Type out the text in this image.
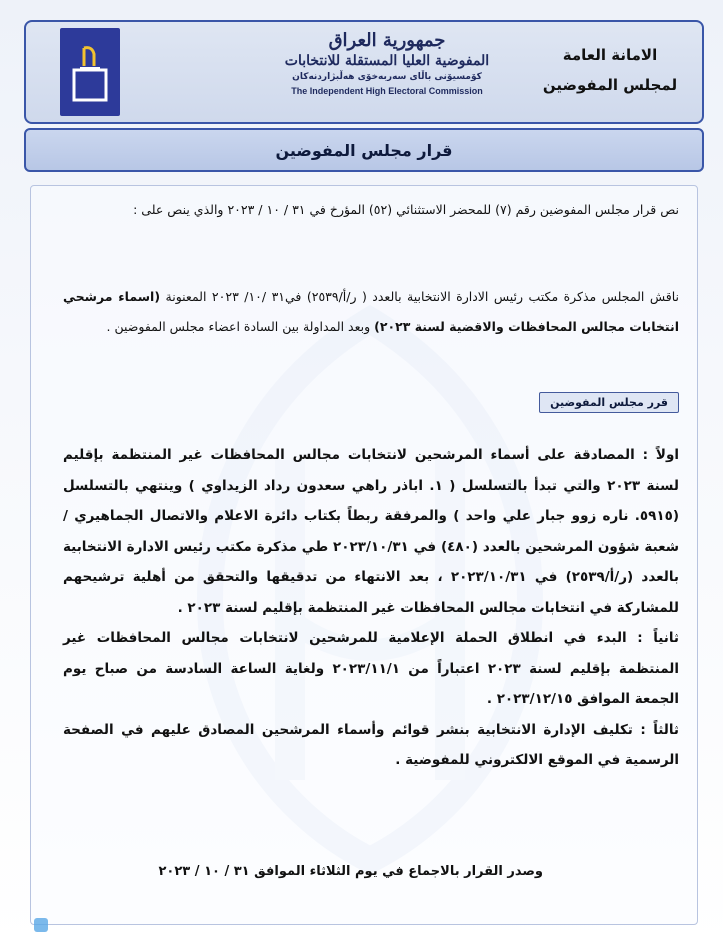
جمهورية العراق
المفوضية العليا المستقلة للانتخابات
كۆمسیۆنی باڵای سەربەخۆی هەڵبژاردنەکان
The Independent High Electoral Commission
الامانة العامة
لمجلس المفوضين
قرار مجلس المفوضين
نص قرار مجلس المفوضين رقم (٧) للمحضر الاستثنائي (٥٢) المؤرخ في ٣١ / ١٠ / ٢٠٢٣ والذي ينص على :
ناقش المجلس مذكرة مكتب رئيس الادارة الانتخابية بالعدد ( ر/أ/٢٥٣٩) في٣١ /١٠/ ٢٠٢٣ المعنونة (اسماء مرشحي انتخابات مجالس المحافظات والاقضية لسنة ٢٠٢٣) وبعد المداولة بين السادة اعضاء مجلس المفوضين .
قرر مجلس المفوضين
اولاً : المصادقة على أسماء المرشحين لانتخابات مجالس المحافظات غير المنتظمة بإقليم لسنة ٢٠٢٣ والتي تبدأ بالتسلسل ( ١. اباذر راهي سعدون رداد الزيداوي ) وينتهي بالتسلسل (٥٩١٥. ناره زوو جبار علي واحد ) والمرفقة ربطاً بكتاب دائرة الاعلام والاتصال الجماهيري / شعبة شؤون المرشحين بالعدد (٤٨٠) في ٢٠٢٣/١٠/٣١ طي مذكرة مكتب رئيس الادارة الانتخابية بالعدد (ر/أ/٢٥٣٩) في ٢٠٢٣/١٠/٣١ ، بعد الانتهاء من تدقيقها والتحقق من أهلية ترشيحهم للمشاركة في انتخابات مجالس المحافظات غير المنتظمة بإقليم لسنة ٢٠٢٣ .
ثانياً : البدء في انطلاق الحملة الإعلامية للمرشحين لانتخابات مجالس المحافظات غير المنتظمة بإقليم لسنة ٢٠٢٣ اعتباراً من ٢٠٢٣/١١/١ ولغاية الساعة السادسة من صباح يوم الجمعة الموافق ٢٠٢٣/١٢/١٥ .
ثالثاً : تكليف الإدارة الانتخابية بنشر قوائم وأسماء المرشحين المصادق عليهم في الصفحة الرسمية في الموقع الالكتروني للمفوضية .
وصدر القرار بالاجماع في يوم الثلاثاء الموافق ٣١ / ١٠ / ٢٠٢٣
